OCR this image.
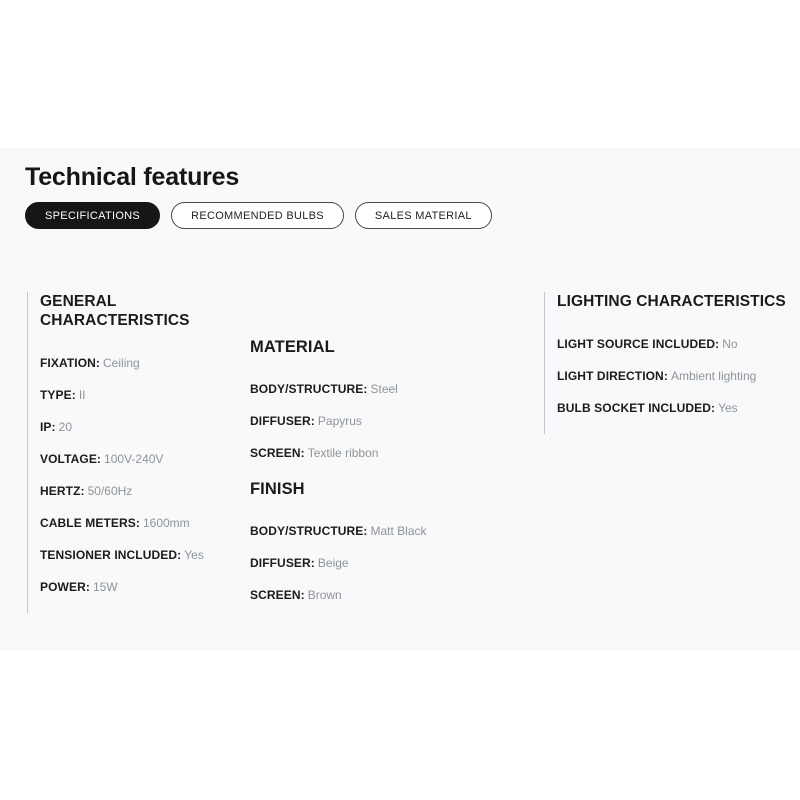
Technical features
SPECIFICATIONS	RECOMMENDED BULBS	SALES MATERIAL
GENERAL CHARACTERISTICS
FIXATION: Ceiling
TYPE: II
IP: 20
VOLTAGE: 100V-240V
HERTZ: 50/60Hz
CABLE METERS: 1600mm
TENSIONER INCLUDED: Yes
POWER: 15W
MATERIAL
BODY/STRUCTURE: Steel
DIFFUSER: Papyrus
SCREEN: Textile ribbon
FINISH
BODY/STRUCTURE: Matt Black
DIFFUSER: Beige
SCREEN: Brown
LIGHTING CHARACTERISTICS
LIGHT SOURCE INCLUDED: No
LIGHT DIRECTION: Ambient lighting
BULB SOCKET INCLUDED: Yes
